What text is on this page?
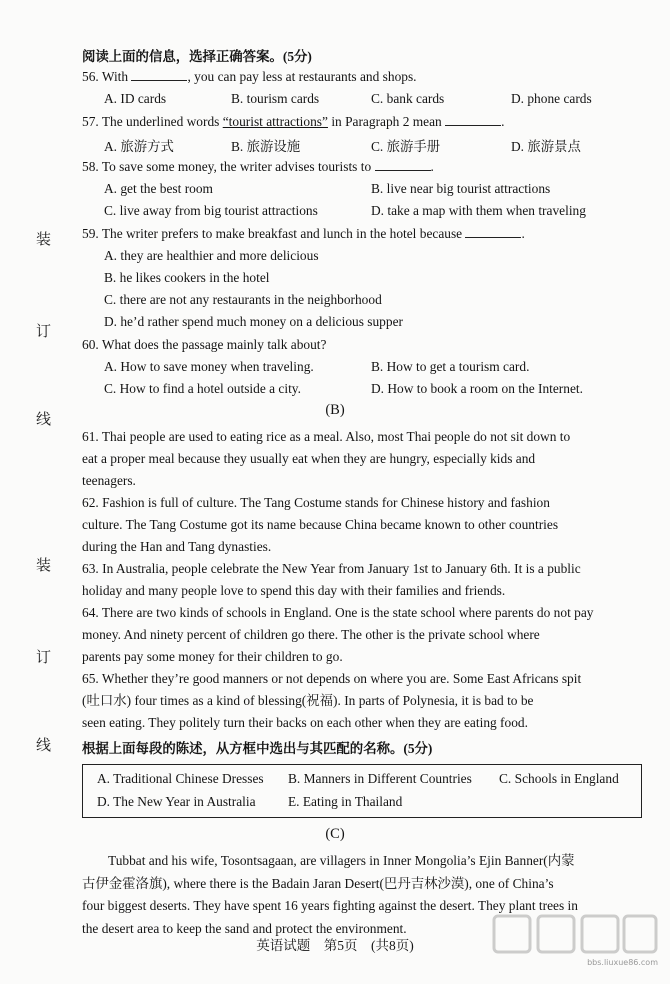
装
订
线
装
订
线
阅读上面的信息，选择正确答案。(5分)
56. With	, you can pay less at restaurants and shops.
A. ID cards	B. tourism cards	C. bank cards	D. phone cards
57. The underlined words “tourist attractions” in Paragraph 2 mean	.
A. 旅游方式	B. 旅游设施	C. 旅游手册	D. 旅游景点
58. To save some money, the writer advises tourists to	.
A. get the best room	B. live near big tourist attractions
C. live away from big tourist attractions	D. take a map with them when traveling
59. The writer prefers to make breakfast and lunch in the hotel because	.
A. they are healthier and more delicious
B. he likes cookers in the hotel
C. there are not any restaurants in the neighborhood
D. he’d rather spend much money on a delicious supper
60. What does the passage mainly talk about?
A. How to save money when traveling.	B. How to get a tourism card.
C. How to find a hotel outside a city.	D. How to book a room on the Internet.
(B)
61. Thai people are used to eating rice as a meal. Also, most Thai people do not sit down to
eat a proper meal because they usually eat when they are hungry, especially kids and
teenagers.
62. Fashion is full of culture. The Tang Costume stands for Chinese history and fashion
culture. The Tang Costume got its name because China became known to other countries
during the Han and Tang dynasties.
63. In Australia, people celebrate the New Year from January 1st to January 6th. It is a public
holiday and many people love to spend this day with their families and friends.
64. There are two kinds of schools in England. One is the state school where parents do not pay
money. And ninety percent of children go there. The other is the private school where
parents pay some money for their children to go.
65. Whether they’re good manners or not depends on where you are. Some East Africans spit
(吐口水) four times as a kind of blessing(祝福). In parts of Polynesia, it is bad to be
seen eating. They politely turn their backs on each other when they are eating food.
根据上面每段的陈述，从方框中选出与其匹配的名称。(5分)
A. Traditional Chinese Dresses B. Manners in Different Countries C. Schools in England
D. The New Year in Australia E. Eating in Thailand
(C)
Tubbat and his wife, Tosontsagaan, are villagers in Inner Mongolia’s Ejin Banner(内蒙
古伊金霍洛旗), where there is the Badain Jaran Desert(巴丹吉林沙漠), one of China’s
four biggest deserts. They have spent 16 years fighting against the desert. They plant trees in
the desert area to keep the sand and protect the environment.
英语试题　第5页　(共8页)
bbs.liuxue86.com
